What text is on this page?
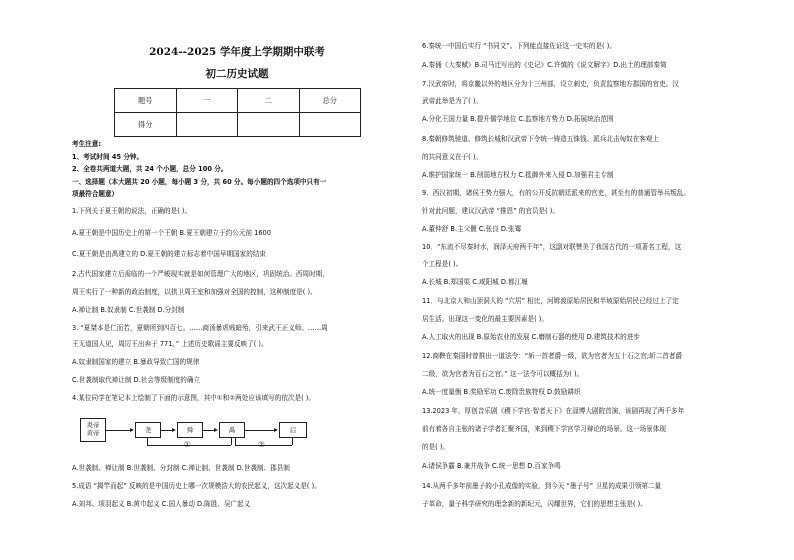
2024--2025 学年度上学期期中联考
初二历史试题
题号	一	二	总分
得分			
考生注意:
1、考试时间 45 分钟。
2、全卷共两道大题，共 24 个小题，总分 100 分。
一、选择题（本大题共 20 小题，每小题 3 分，共 60 分。每小题的四个选项中只有一
项最符合题意）
1.下列关于夏王朝的说法，正确的是( )。
A.夏王朝是中国历史上的第一个王朝 B.夏王朝建立于约公元前 1600
C.夏王朝是由禹建立的 D.夏王朝的建立标志着中国早期国家的结束
2.古代国家建立后需临的一个严峻现实就是如何管理广大的地区，巩固统治。西周时期，
周王实行了一种新的政治制度，以拱卫周王室和加强对全国的控制，这种制度是( )。
A.禅让制 B.奴隶制 C.世袭制 D.分封制
3. “夏桀本是仁而若，夏朝所到四百七。……商汤暴虐贱暗殆，引来武王正义师。……周
王无道国人见，周厉王出奔于 771。” 上述历史歌谣主要反映了( )。
A.奴隶制国家的建立 B.暴政导致亡国的规律
C.世袭制取代禅让制 D.社会等级制度的确立
4.某位同学在笔记本上绘制了下面的示意图，其中①和②两处应该填写的依次是( )。
炎帝
黄帝	尧	舜	禹	启
①	②
A.世袭制、禅让制 B.世袭制、分封制 C.禅让制、世袭制 D.世袭制、郡县制
5.成语 “揭竿而起” 反映的是中国历史上哪一次规模浩大的农民起义，这次起义是( )。
A.刘邦、项羽起义 B.黄巾起义 C.国人暴动 D.陈胜、吴广起义
6.秦统一中国后实行 “书同文”。下列能直接佐证这一史实的是( )。
A.秦俑《大秦赋》B.司马迁写出的《史记》C.许慎的《说文解字》D.出土的理部秦简
7.汉武帝时，将京畿以外的地区分为十三州部，设立刺史，负责监察地方郡国的官吏。汉
武帝此举是为了( )。
A.分化王国力量 B.提升儒学地位 C.监察地方势力 D.拓展统治范围
8.秦朝修筑驰道、修筑长城和汉武帝下令统一铸造五铢钱、派兵北击匈奴在客观上
的共同意义在于( )。
A.维护国家统一 B.削弱地方权力 C.抵御外来入侵 D.加强君主专制
9．西汉初期，诸侯王势力强大，有的公开反抗朝廷派来的官吏，甚至有的普通管举兵叛乱。
针对此问题，建议汉武帝 “推恩” 的官员是( )。
A.董仲舒 B.主父偃 C.张良 D.张骞
10．“东流不尽秦时水，润泽天府两千年”，这副对联赞美了我国古代的一项著名工程，这
个工程是( )。
A.长城 B.郑国渠 C.咸阳城 D.都江堰
11．与北京人和山顶洞人的 “穴居” 相比，河姆渡原始居民和半坡原始居民已经过上了定
居生活。出现这一变化的最主要因素是( )。
A.人工取火的出现 B.原始农业的发展 C.磨制石器的使用 D.建筑技术的进步
12.商鞅在秦国时曾推出一道法令：“斩一首者爵一级，欲为官者为五十石之官;斩二首者爵
二级，欲为官者为百石之官。” 这一法令可以概括为( )。
A.统一度量衡 B.奖励军功 C.废除贵族特权 D.鼓励耕织
13.2023 年，厚创音乐剧《稷下学宫·智者天下》在淄博大剧院首演，该剧再现了两千多年
前有着各自主张的诸子学者汇聚齐国，来到稷下学宫学习辩论的场景。这一场景体现
的是( )。
A.诸侯争霸 B.兼并战争 C.统一思想 D.百家争鸣
14.从两千多年前墨子的小孔成像的实验，到今天 “墨子号” 卫星的成果引领第二量
子革命，量子科学研究的理念新的新纪元，闪耀世界，它们的思想主张是( )。
